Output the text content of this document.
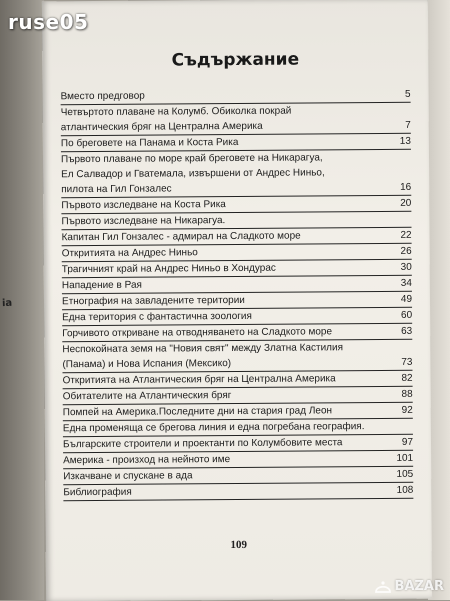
ia
Съдържание
Вместо предговор	5
Четвъртото плаване на Колумб. Обиколка покрай
атлантическия бряг на Централна Америка	7
По бреговете на Панама и Коста Рика	13
Първото плаване по море край бреговете на Никарагуа,
Ел Салвадор и Гватемала, извършени от Андрес Ниньо,
пилота на Гил Гонзалес	16
Първото изследване на Коста Рика	20
Първото изследване на Никарагуа.
Капитан Гил Гонзалес - адмирал на Сладкото море	22
Откритията на Андрес Ниньо	26
Трагичният край на Андрес Ниньо в Хондурас	30
Нападение в Рая	34
Етнография на завладените територии	49
Една територия с фантастична зоология	60
Горчивото откриване на отводняването на Сладкото море	63
Неспокойната земя на "Новия свят" между Златна Кастилия
(Панама) и Нова Испания (Мексико)	73
Откритията на Атлантическия бряг на Централна Америка	82
Обитателите на Атлантическия бряг	88
Помпей на Америка.Последните дни на стария град Леон	92
Една променяща се брегова линия и една погребана география.
Българските строители и проектанти по Колумбовите места	97
Америка - произход на нейното име	101
Изкачване и спускане в ада	105
Библиография	108
109
ruse05
BAZAR
